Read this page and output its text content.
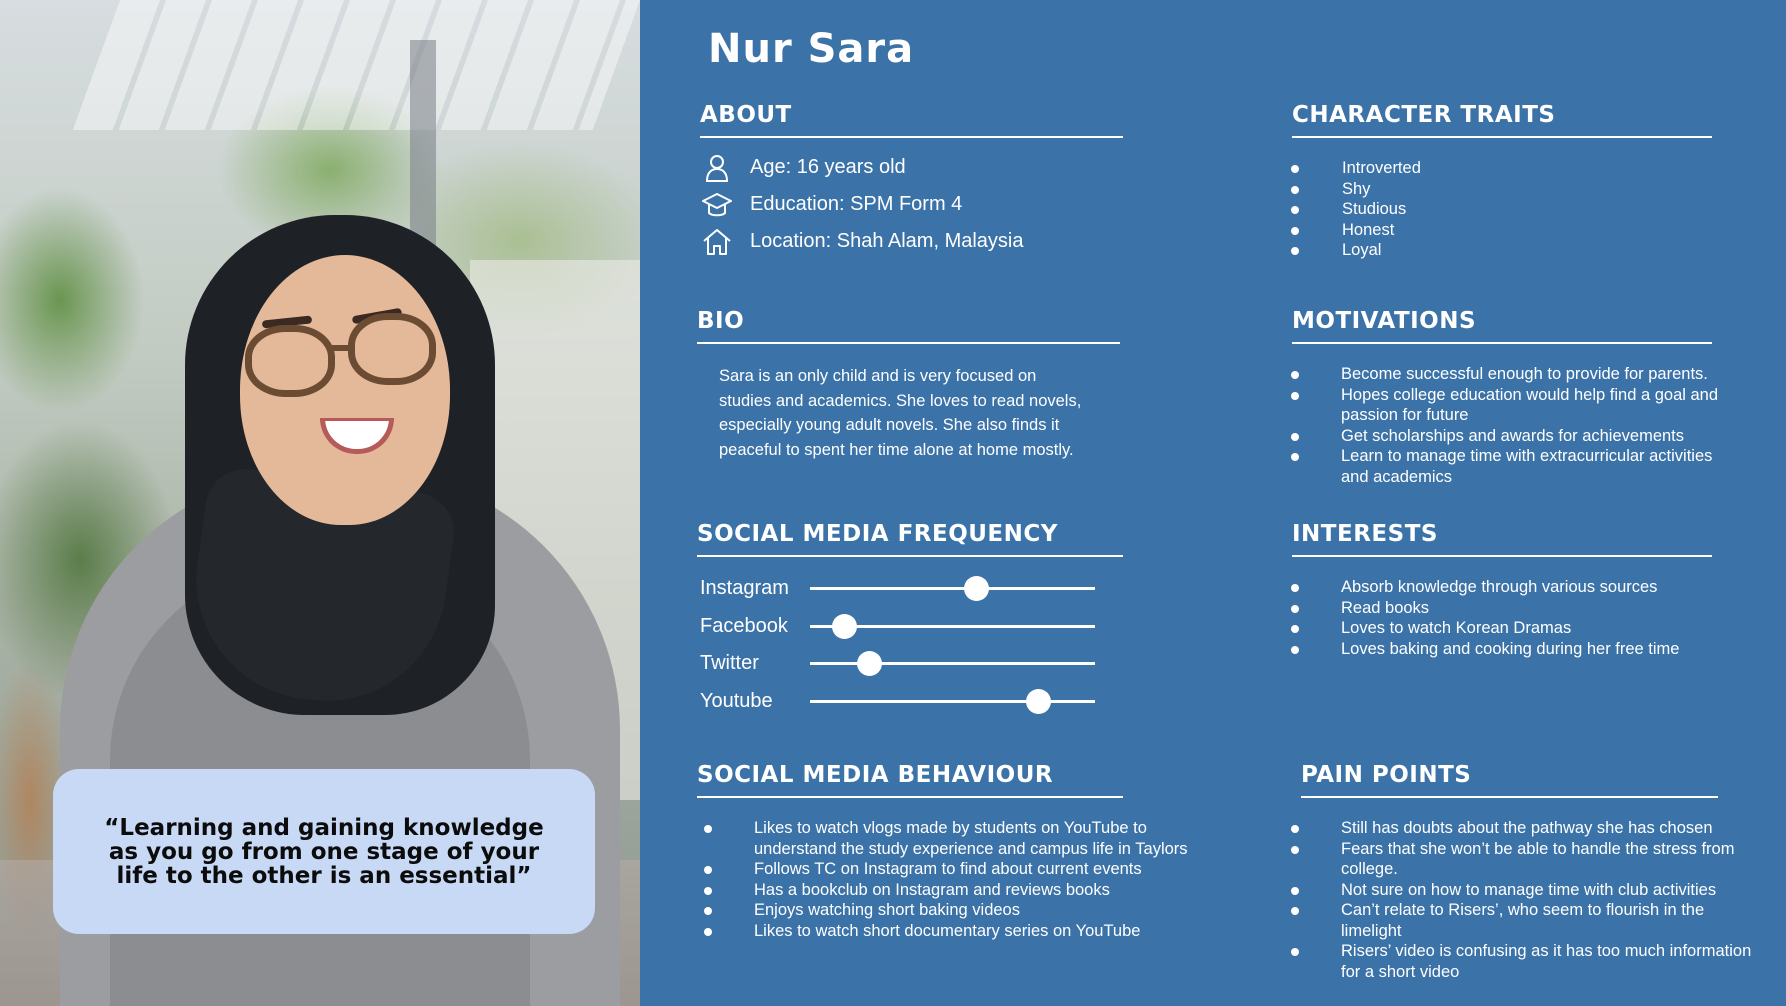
“Learning and gaining knowledge as you go from one stage of your life to the other is an essential”

Nur Sara
ABOUT
Age: 16 years old
Education: SPM Form 4
Location: Shah Alam, Malaysia
BIO

Sara is an only child and is very focused on studies and academics. She loves to read novels, especially young adult novels. She also finds it peaceful to spent her time alone at home mostly.

SOCIAL MEDIA FREQUENCY
Instagram
Facebook
Twitter
Youtube
SOCIAL MEDIA BEHAVIOUR
Likes to watch vlogs made by students on YouTube to understand the study experience and campus life in Taylors
Follows TC on Instagram to find about current events
Has a bookclub on Instagram and reviews books
Enjoys watching short baking videos
Likes to watch short documentary series on YouTube
CHARACTER TRAITS
Introverted
Shy
Studious
Honest
Loyal
MOTIVATIONS
Become successful enough to provide for parents.
Hopes college education would help find a goal and passion for future
Get scholarships and awards for achievements
Learn to manage time with extracurricular activities and academics
INTERESTS
Absorb knowledge through various sources
Read books
Loves to watch Korean Dramas
Loves baking and cooking during her free time
PAIN POINTS
Still has doubts about the pathway she has chosen
Fears that she won’t be able to handle the stress from college.
Not sure on how to manage time with club activities
Can’t relate to Risers’, who seem to flourish in the limelight
Risers’ video is confusing as it has too much information for a short video
